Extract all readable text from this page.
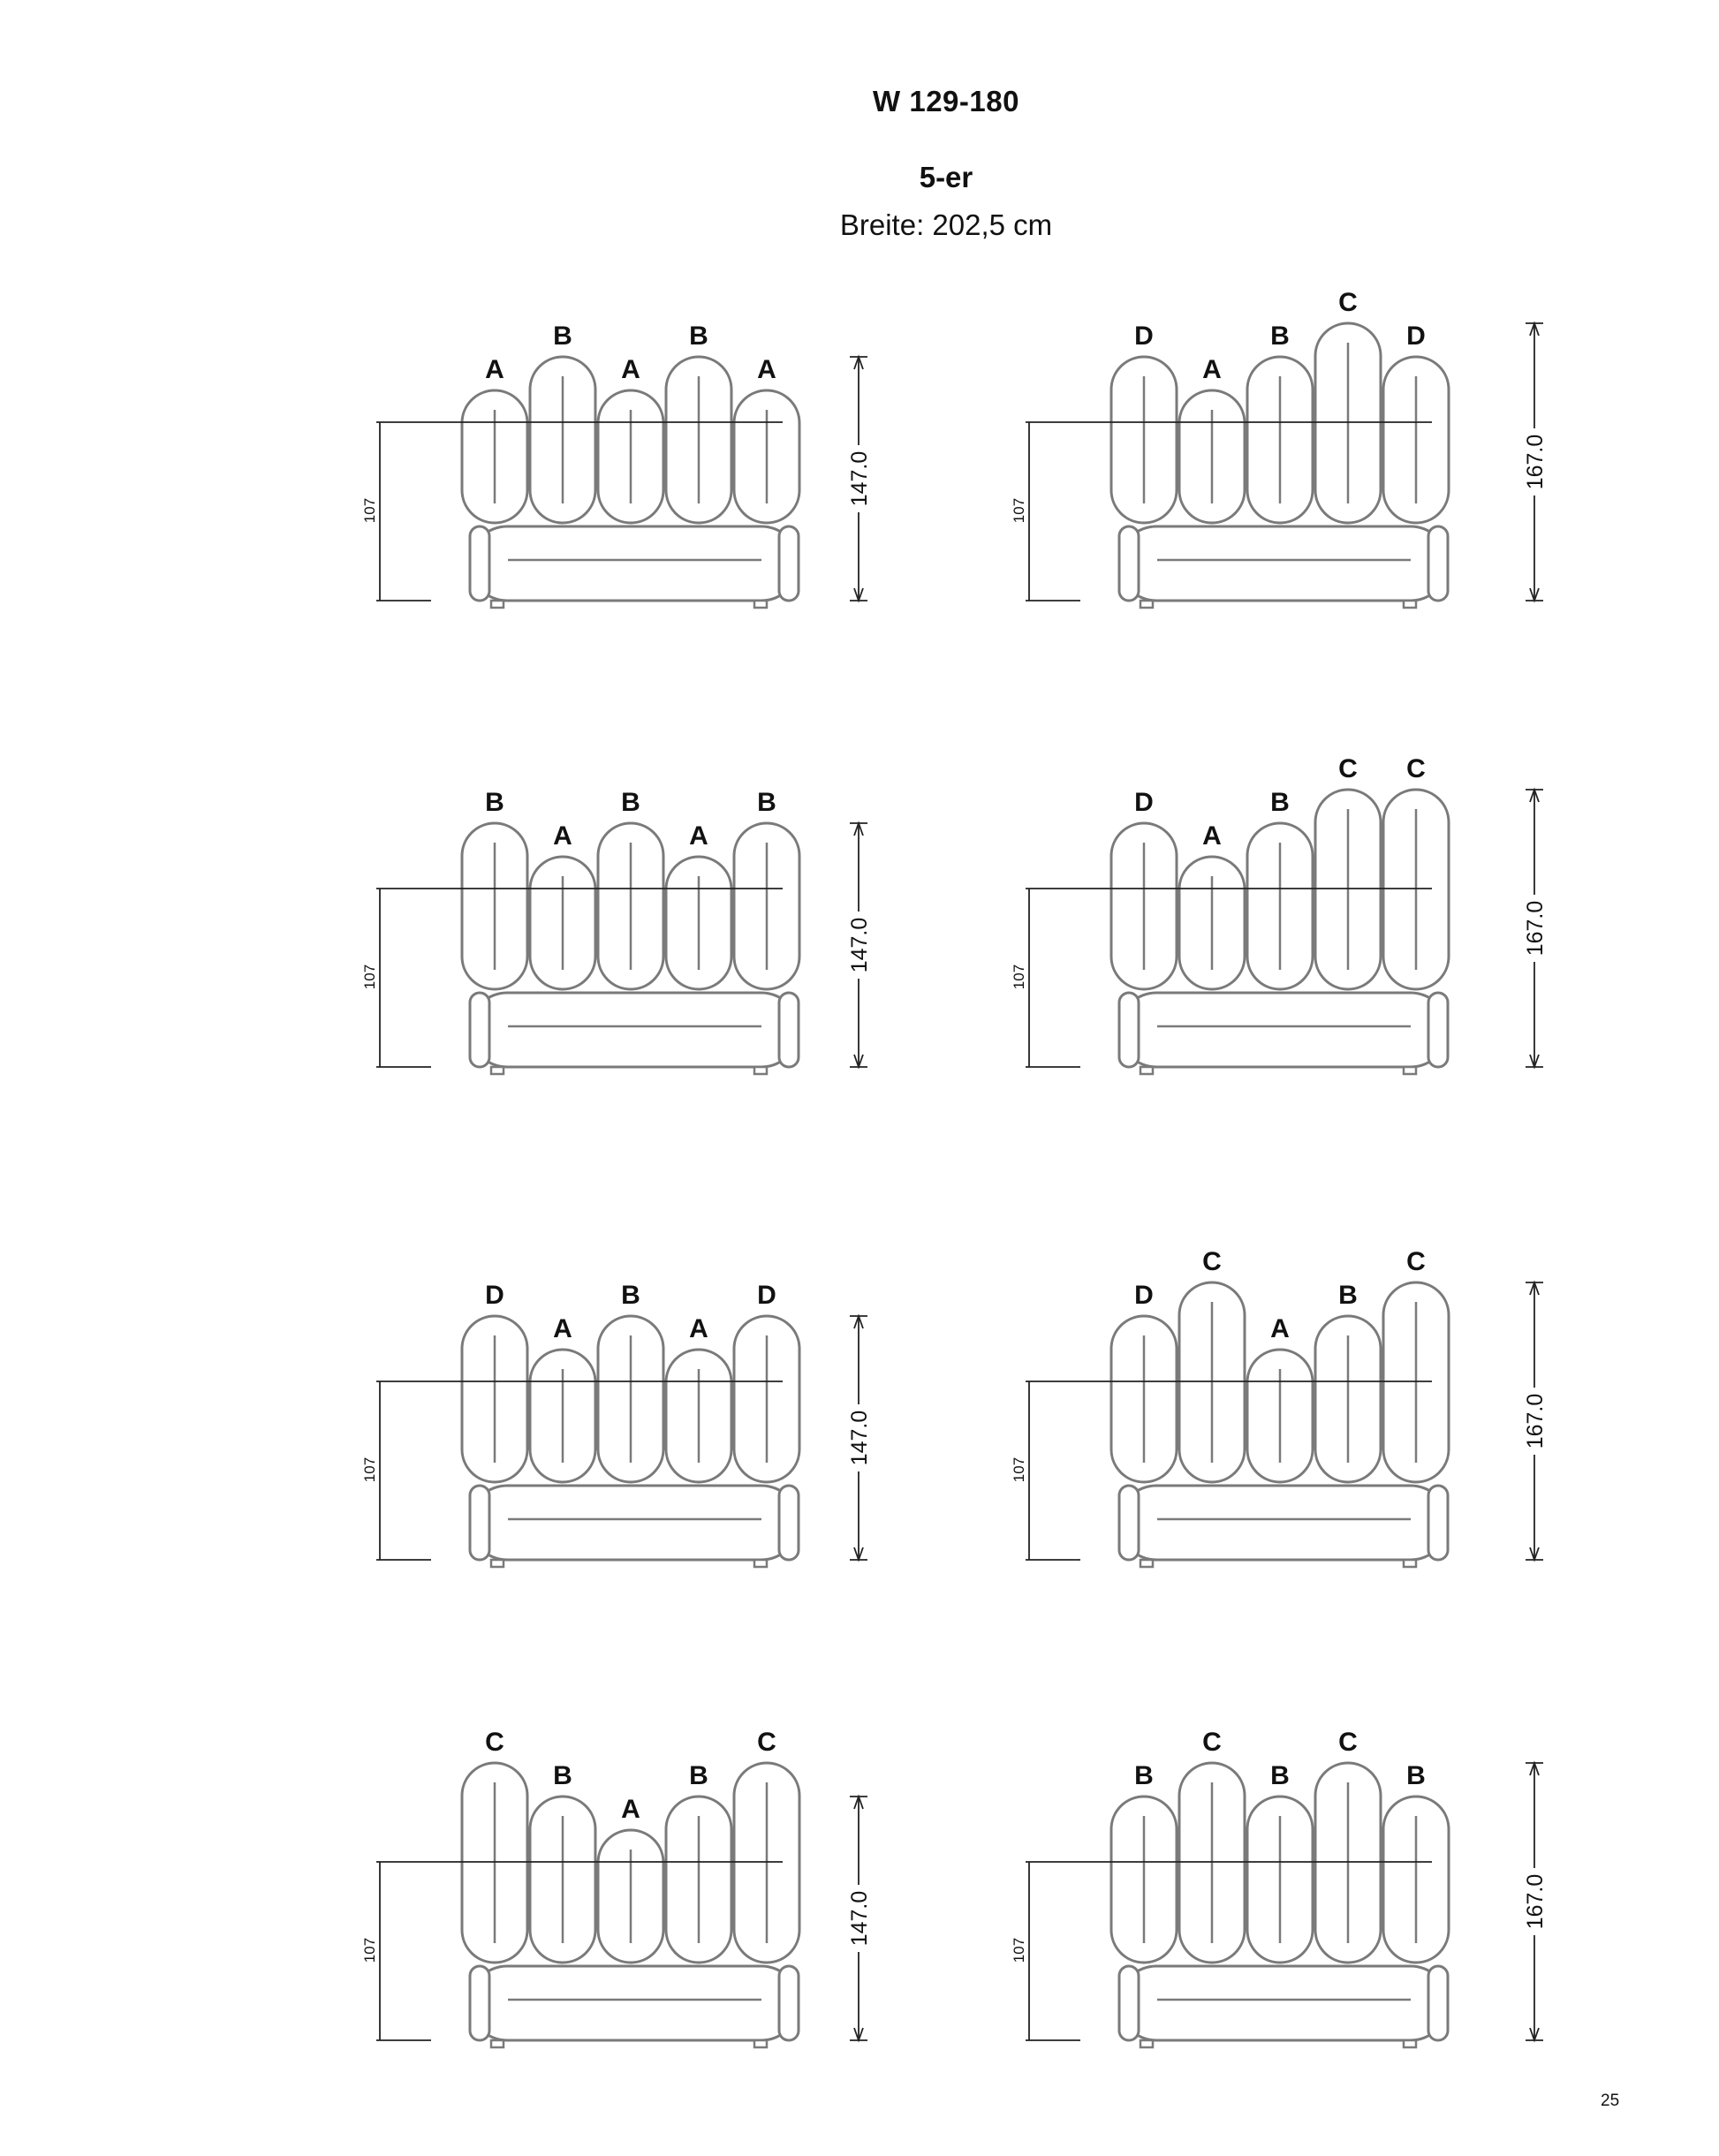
W 129-180
5-er
Breite: 202,5 cm
A
B
A
B
A
107
147.0
D
A
B
C
D
107
167.0
B
A
B
A
B
107
147.0
D
A
B
C C
107
167.0
D
A
B
A
D
107
147.0
D
C
A
B
C
107
167.0
C
B
A
B
C
107
147.0
B
C
B
C
B
107
167.0
25
